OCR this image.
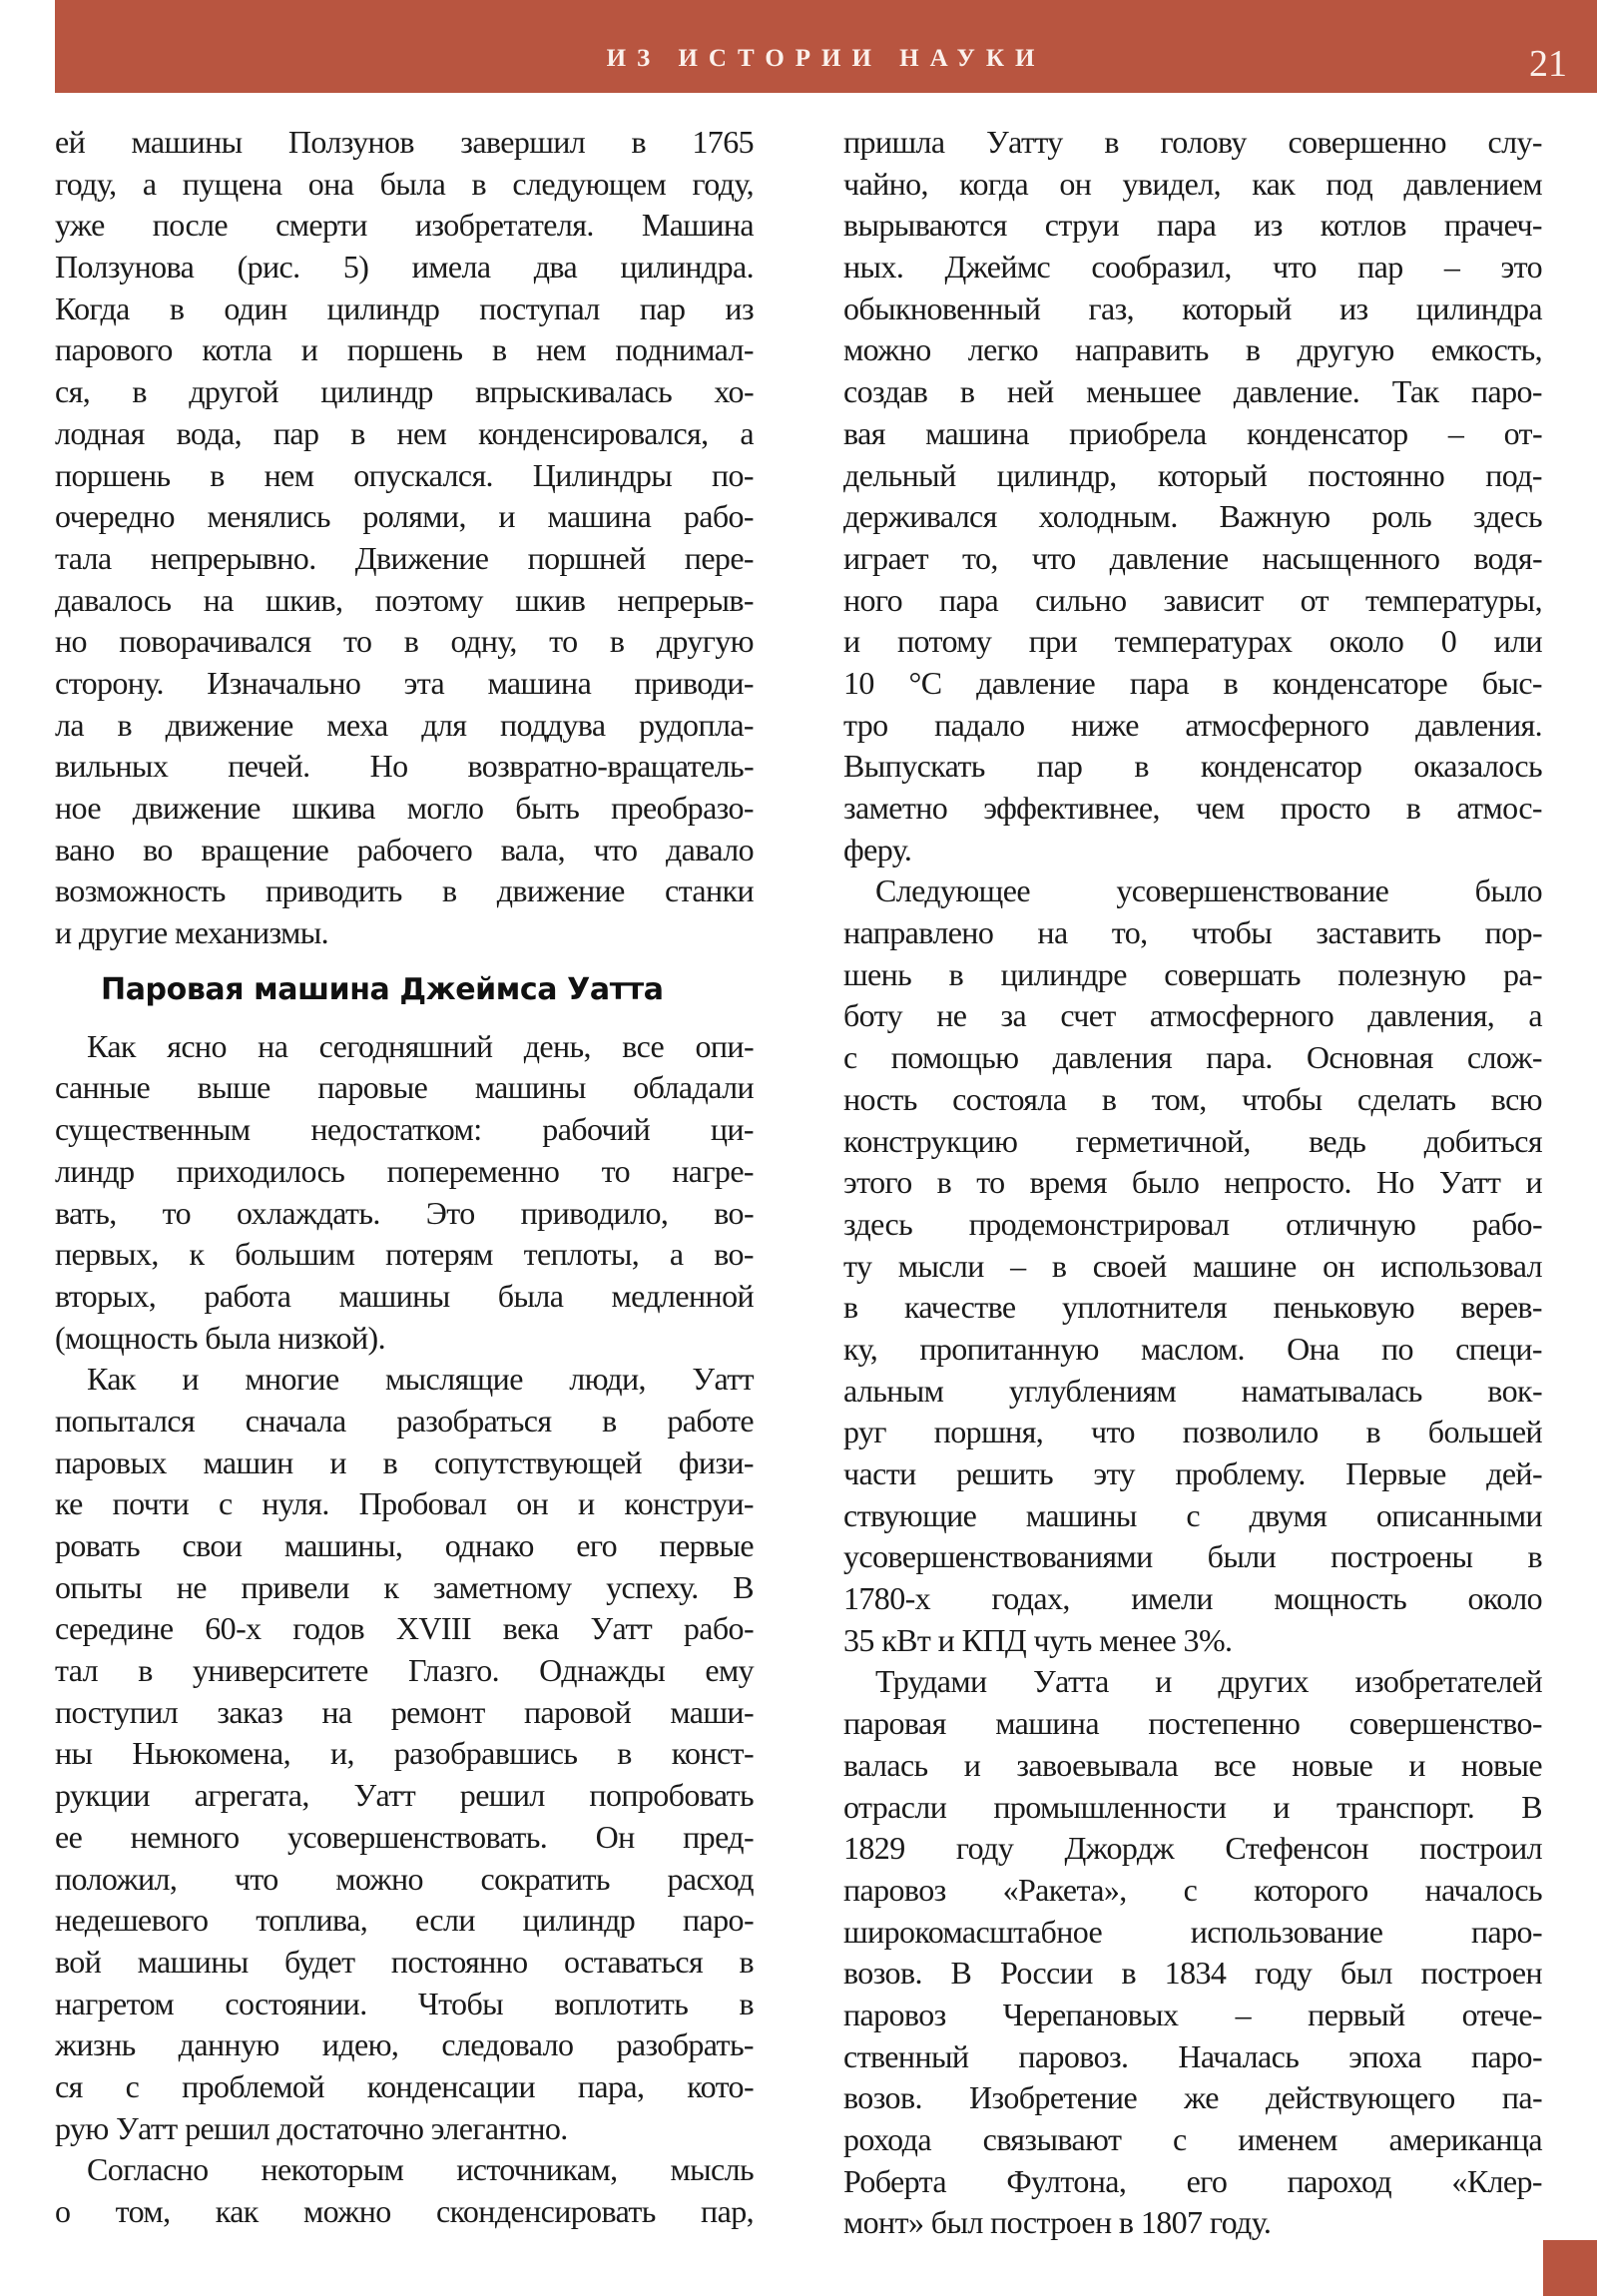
ИЗ ИСТОРИИ НАУКИ	21
ей машины Ползунов завершил в 1765
году, а пущена она была в следующем году,
уже после смерти изобретателя. Машина
Ползунова (рис. 5) имела два цилиндра.
Когда в один цилиндр поступал пар из
парового котла и поршень в нем поднимал-
ся, в другой цилиндр впрыскивалась хо-
лодная вода, пар в нем конденсировался, а
поршень в нем опускался. Цилиндры по-
очередно менялись ролями, и машина рабо-
тала непрерывно. Движение поршней пере-
давалось на шкив, поэтому шкив непрерыв-
но поворачивался то в одну, то в другую
сторону. Изначально эта машина приводи-
ла в движение меха для поддува рудопла-
вильных печей. Но возвратно-вращатель-
ное движение шкива могло быть преобразо-
вано во вращение рабочего вала, что давало
возможность приводить в движение станки
и другие механизмы.
Паровая машина Джеймса Уатта
Как ясно на сегодняшний день, все опи-
санные выше паровые машины обладали
существенным недостатком: рабочий ци-
линдр приходилось попеременно то нагре-
вать, то охлаждать. Это приводило, во-
первых, к большим потерям теплоты, а во-
вторых, работа машины была медленной
(мощность была низкой).
Как и многие мыслящие люди, Уатт
попытался сначала разобраться в работе
паровых машин и в сопутствующей физи-
ке почти с нуля. Пробовал он и конструи-
ровать свои машины, однако его первые
опыты не привели к заметному успеху. В
середине 60-х годов XVIII века Уатт рабо-
тал в университете Глазго. Однажды ему
поступил заказ на ремонт паровой маши-
ны Ньюкомена, и, разобравшись в конст-
рукции агрегата, Уатт решил попробовать
ее немного усовершенствовать. Он пред-
положил, что можно сократить расход
недешевого топлива, если цилиндр паро-
вой машины будет постоянно оставаться в
нагретом состоянии. Чтобы воплотить в
жизнь данную идею, следовало разобрать-
ся с проблемой конденсации пара, кото-
рую Уатт решил достаточно элегантно.
Согласно некоторым источникам, мысль
о том, как можно сконденсировать пар,
пришла Уатту в голову совершенно слу-
чайно, когда он увидел, как под давлением
вырываются струи пара из котлов прачеч-
ных. Джеймс сообразил, что пар – это
обыкновенный газ, который из цилиндра
можно легко направить в другую емкость,
создав в ней меньшее давление. Так паро-
вая машина приобрела конденсатор – от-
дельный цилиндр, который постоянно под-
держивался холодным. Важную роль здесь
играет то, что давление насыщенного водя-
ного пара сильно зависит от температуры,
и потому при температурах около 0 или
10 °C давление пара в конденсаторе быс-
тро падало ниже атмосферного давления.
Выпускать пар в конденсатор оказалось
заметно эффективнее, чем просто в атмос-
феру.
Следующее усовершенствование было
направлено на то, чтобы заставить пор-
шень в цилиндре совершать полезную ра-
боту не за счет атмосферного давления, а
с помощью давления пара. Основная слож-
ность состояла в том, чтобы сделать всю
конструкцию герметичной, ведь добиться
этого в то время было непросто. Но Уатт и
здесь продемонстрировал отличную рабо-
ту мысли – в своей машине он использовал
в качестве уплотнителя пеньковую верев-
ку, пропитанную маслом. Она по специ-
альным углублениям наматывалась вок-
руг поршня, что позволило в большей
части решить эту проблему. Первые дей-
ствующие машины с двумя описанными
усовершенствованиями были построены в
1780-х годах, имели мощность около
35 кВт и КПД чуть менее 3%.
Трудами Уатта и других изобретателей
паровая машина постепенно совершенство-
валась и завоевывала все новые и новые
отрасли промышленности и транспорт. В
1829 году Джордж Стефенсон построил
паровоз «Ракета», с которого началось
широкомасштабное использование паро-
возов. В России в 1834 году был построен
паровоз Черепановых – первый отече-
ственный паровоз. Началась эпоха паро-
возов. Изобретение же действующего па-
рохода связывают с именем американца
Роберта Фултона, его пароход «Клер-
монт» был построен в 1807 году.
